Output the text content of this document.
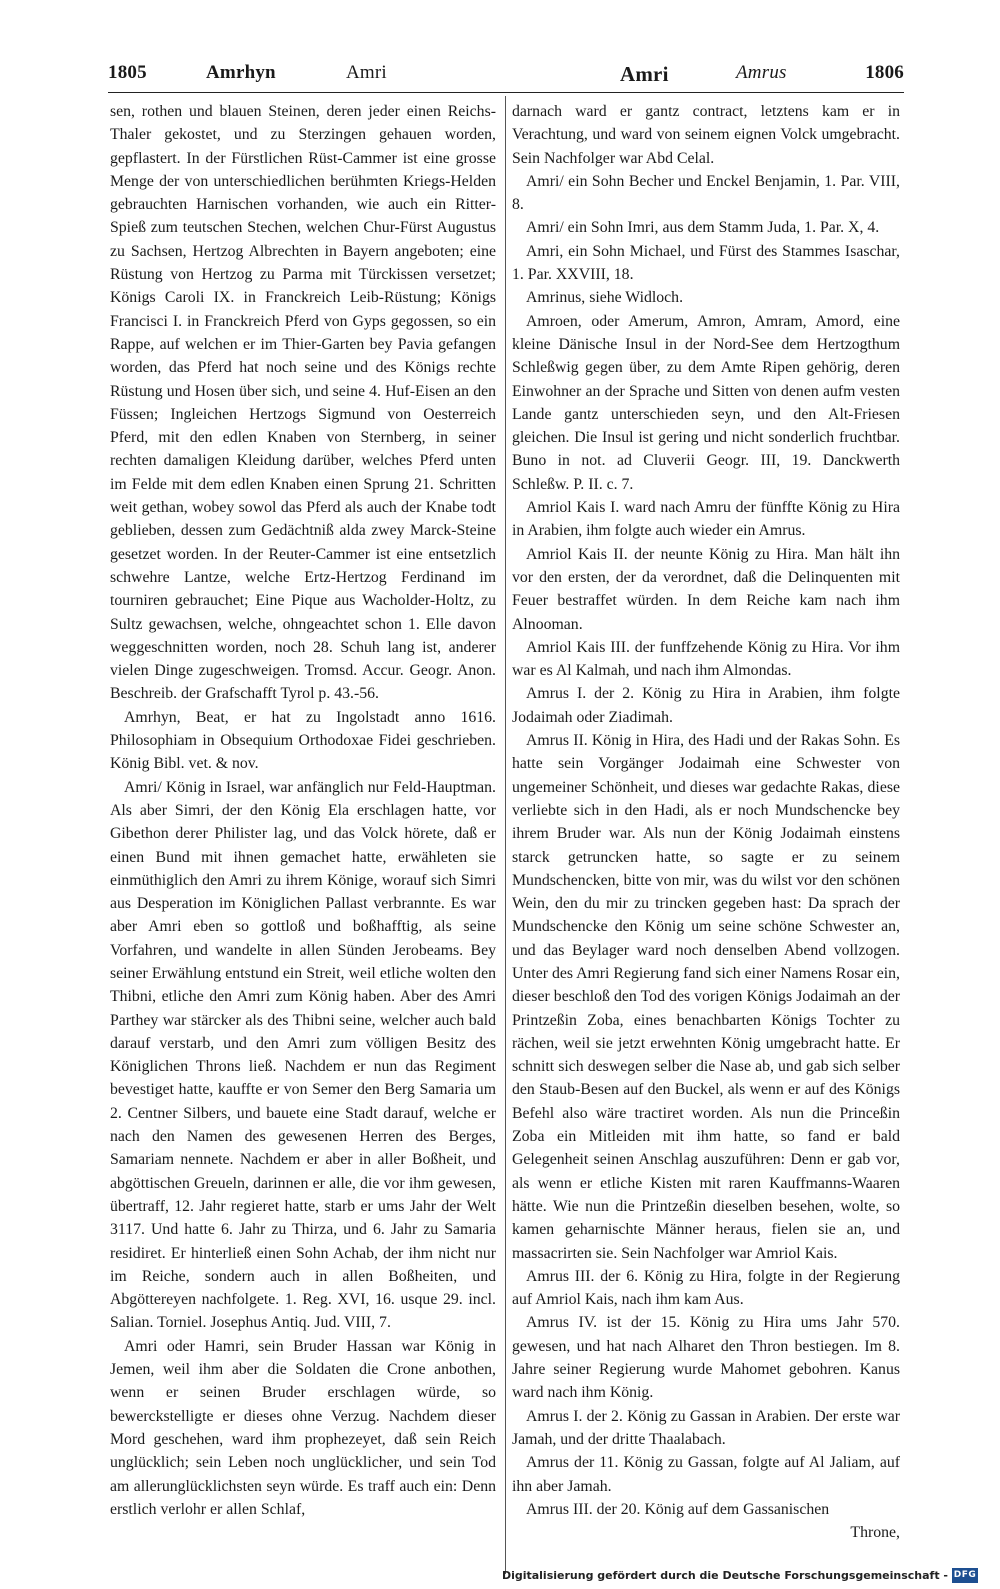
1805	Amrhyn	Amri	Amri	Amrus	1806

sen, rothen und blauen Steinen, deren jeder einen Reichs-Thaler gekostet, und zu Sterzingen gehauen worden, gepflastert. In der Fürstlichen Rüst-Cammer ist eine grosse Menge der von unterschiedlichen berühmten Kriegs-Helden gebrauchten Harnischen vorhanden, wie auch ein Ritter-Spieß zum teutschen Stechen, welchen Chur-Fürst Augustus zu Sachsen, Hertzog Albrechten in Bayern angeboten; eine Rüstung von Hertzog zu Parma mit Türckissen versetzet; Königs Caroli IX. in Franckreich Leib-Rüstung; Königs Francisci I. in Franckreich Pferd von Gyps gegossen, so ein Rappe, auf welchen er im Thier-Garten bey Pavia gefangen worden, das Pferd hat noch seine und des Königs rechte Rüstung und Hosen über sich, und seine 4. Huf-Eisen an den Füssen; Ingleichen Hertzogs Sigmund von Oesterreich Pferd, mit den edlen Knaben von Sternberg, in seiner rechten damaligen Kleidung darüber, welches Pferd unten im Felde mit dem edlen Knaben einen Sprung 21. Schritten weit gethan, wobey sowol das Pferd als auch der Knabe todt geblieben, dessen zum Gedächtniß alda zwey Marck-Steine gesetzet worden. In der Reuter-Cammer ist eine entsetzlich schwehre Lantze, welche Ertz-Hertzog Ferdinand im tourniren gebrauchet; Eine Pique aus Wacholder-Holtz, zu Sultz gewachsen, welche, ohngeachtet schon 1. Elle davon weggeschnitten worden, noch 28. Schuh lang ist, anderer vielen Dinge zugeschweigen. Tromsd. Accur. Geogr. Anon. Beschreib. der Grafschafft Tyrol p. 43.-56.

Amrhyn, Beat, er hat zu Ingolstadt anno 1616. Philosophiam in Obsequium Orthodoxae Fidei geschrieben. König Bibl. vet. & nov.

Amri/ König in Israel, war anfänglich nur Feld-Hauptman. Als aber Simri, der den König Ela erschlagen hatte, vor Gibethon derer Philister lag, und das Volck hörete, daß er einen Bund mit ihnen gemachet hatte, erwähleten sie einmüthiglich den Amri zu ihrem Könige, worauf sich Simri aus Desperation im Königlichen Pallast verbrannte. Es war aber Amri eben so gottloß und boßhafftig, als seine Vorfahren, und wandelte in allen Sünden Jerobeams. Bey seiner Erwählung entstund ein Streit, weil etliche wolten den Thibni, etliche den Amri zum König haben. Aber des Amri Parthey war stärcker als des Thibni seine, welcher auch bald darauf verstarb, und den Amri zum völligen Besitz des Königlichen Throns ließ. Nachdem er nun das Regiment bevestiget hatte, kauffte er von Semer den Berg Samaria um 2. Centner Silbers, und bauete eine Stadt darauf, welche er nach den Namen des gewesenen Herren des Berges, Samariam nennete. Nachdem er aber in aller Boßheit, und abgöttischen Greueln, darinnen er alle, die vor ihm gewesen, übertraff, 12. Jahr regieret hatte, starb er ums Jahr der Welt 3117. Und hatte 6. Jahr zu Thirza, und 6. Jahr zu Samaria residiret. Er hinterließ einen Sohn Achab, der ihm nicht nur im Reiche, sondern auch in allen Boßheiten, und Abgöttereyen nachfolgete. 1. Reg. XVI, 16. usque 29. incl. Salian. Torniel. Josephus Antiq. Jud. VIII, 7.

Amri oder Hamri, sein Bruder Hassan war König in Jemen, weil ihm aber die Soldaten die Crone anbothen, wenn er seinen Bruder erschlagen würde, so bewerckstelligte er dieses ohne Verzug. Nachdem dieser Mord geschehen, ward ihm prophezeyet, daß sein Reich unglücklich; sein Leben noch unglücklicher, und sein Tod am allerunglücklichsten seyn würde. Es traff auch ein: Denn erstlich verlohr er allen Schlaf,

darnach ward er gantz contract, letztens kam er in Verachtung, und ward von seinem eignen Volck umgebracht. Sein Nachfolger war Abd Celal.

Amri/ ein Sohn Becher und Enckel Benjamin, 1. Par. VIII, 8.

Amri/ ein Sohn Imri, aus dem Stamm Juda, 1. Par. X, 4.

Amri, ein Sohn Michael, und Fürst des Stammes Isaschar, 1. Par. XXVIII, 18.

Amrinus, siehe Widloch.

Amroen, oder Amerum, Amron, Amram, Amord, eine kleine Dänische Insul in der Nord-See dem Hertzogthum Schleßwig gegen über, zu dem Amte Ripen gehörig, deren Einwohner an der Sprache und Sitten von denen aufm vesten Lande gantz unterschieden seyn, und den Alt-Friesen gleichen. Die Insul ist gering und nicht sonderlich fruchtbar. Buno in not. ad Cluverii Geogr. III, 19. Danckwerth Schleßw. P. II. c. 7.

Amriol Kais I. ward nach Amru der fünffte König zu Hira in Arabien, ihm folgte auch wieder ein Amrus.

Amriol Kais II. der neunte König zu Hira. Man hält ihn vor den ersten, der da verordnet, daß die Delinquenten mit Feuer bestraffet würden. In dem Reiche kam nach ihm Alnooman.

Amriol Kais III. der funffzehende König zu Hira. Vor ihm war es Al Kalmah, und nach ihm Almondas.

Amrus I. der 2. König zu Hira in Arabien, ihm folgte Jodaimah oder Ziadimah.

Amrus II. König in Hira, des Hadi und der Rakas Sohn. Es hatte sein Vorgänger Jodaimah eine Schwester von ungemeiner Schönheit, und dieses war gedachte Rakas, diese verliebte sich in den Hadi, als er noch Mundschencke bey ihrem Bruder war. Als nun der König Jodaimah einstens starck getruncken hatte, so sagte er zu seinem Mundschencken, bitte von mir, was du wilst vor den schönen Wein, den du mir zu trincken gegeben hast: Da sprach der Mundschencke den König um seine schöne Schwester an, und das Beylager ward noch denselben Abend vollzogen. Unter des Amri Regierung fand sich einer Namens Rosar ein, dieser beschloß den Tod des vorigen Königs Jodaimah an der Printzeßin Zoba, eines benachbarten Königs Tochter zu rächen, weil sie jetzt erwehnten König umgebracht hatte. Er schnitt sich deswegen selber die Nase ab, und gab sich selber den Staub-Besen auf den Buckel, als wenn er auf des Königs Befehl also wäre tractiret worden. Als nun die Princeßin Zoba ein Mitleiden mit ihm hatte, so fand er bald Gelegenheit seinen Anschlag auszuführen: Denn er gab vor, als wenn er etliche Kisten mit raren Kauffmanns-Waaren hätte. Wie nun die Printzeßin dieselben besehen, wolte, so kamen geharnischte Männer heraus, fielen sie an, und massacrirten sie. Sein Nachfolger war Amriol Kais.

Amrus III. der 6. König zu Hira, folgte in der Regierung auf Amriol Kais, nach ihm kam Aus.

Amrus IV. ist der 15. König zu Hira ums Jahr 570. gewesen, und hat nach Alharet den Thron bestiegen. Im 8. Jahre seiner Regierung wurde Mahomet gebohren. Kanus ward nach ihm König.

Amrus I. der 2. König zu Gassan in Arabien. Der erste war Jamah, und der dritte Thaalabach.

Amrus der 11. König zu Gassan, folgte auf Al Jaliam, auf ihn aber Jamah.

Amrus III. der 20. König auf dem Gassanischen

Throne,

Digitalisierung gefördert durch die Deutsche Forschungsgemeinschaft - DFG
